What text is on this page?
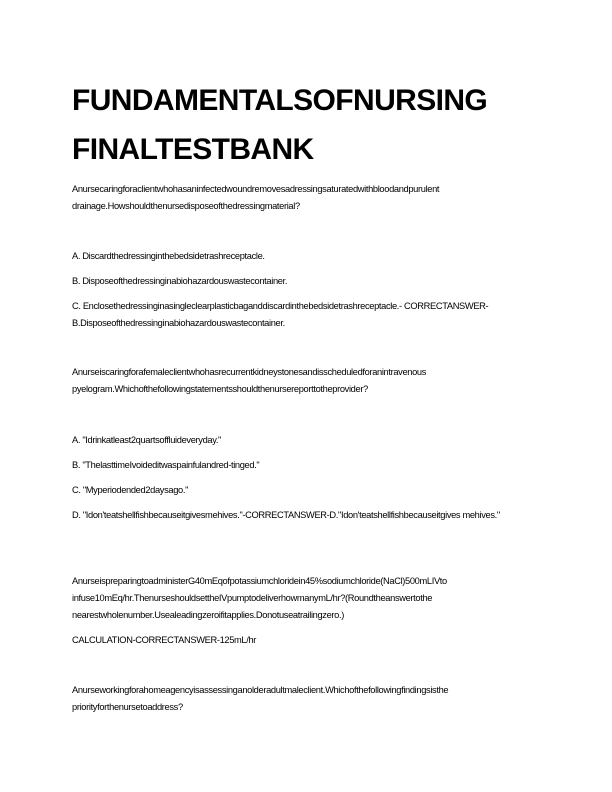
FUNDAMENTALSOFNURSING FINALTESTBANK

Anursecaringforaclientwhohasaninfectedwoundremovesadressingsaturatedwithbloodandpurulent drainage.Howshouldthenursedisposeofthedressingmaterial?

A. Discardthedressinginthebedsidetrashreceptacle.

B. Disposeofthedressinginabiohazardouswastecontainer.

C. Enclosethedressinginasingleclearplasticbaganddiscardinthebedsidetrashreceptacle.- CORRECTANSWER-B.Disposeofthedressinginabiohazardouswastecontainer.

Anurseiscaringforafemaleclientwhohasrecurrentkidneystonesandisscheduledforanintravenous pyelogram.Whichofthefollowingstatementsshouldthenursereporttotheprovider?

A. "Idrinkatleast2quartsoffluideveryday."

B. "ThelasttimeIvoideditwaspainfulandred-tinged."

C. "Myperiodended2daysago."

D. "Idon'teatshellfishbecauseitgivesmehives."-CORRECTANSWER-D."Idon'teatshellfishbecauseitgives mehives."

AnurseispreparingtoadministerG40mEqofpotassiumchloridein45%sodiumchloride(NaCl)500mLIVto infuse10mEq/hr.ThenurseshouldsettheIVpumptodeliverhowmanymL/hr?(Roundtheanswertothe nearestwholenumber.Usealeadingzeroifitapplies.Donotuseatrailingzero.)

CALCULATION-CORRECTANSWER-125mL/hr

Anurseworkingforahomeagencyisassessinganolderadultmaleclient.Whichofthefollowingfindingsisthe priorityforthenursetoaddress?
